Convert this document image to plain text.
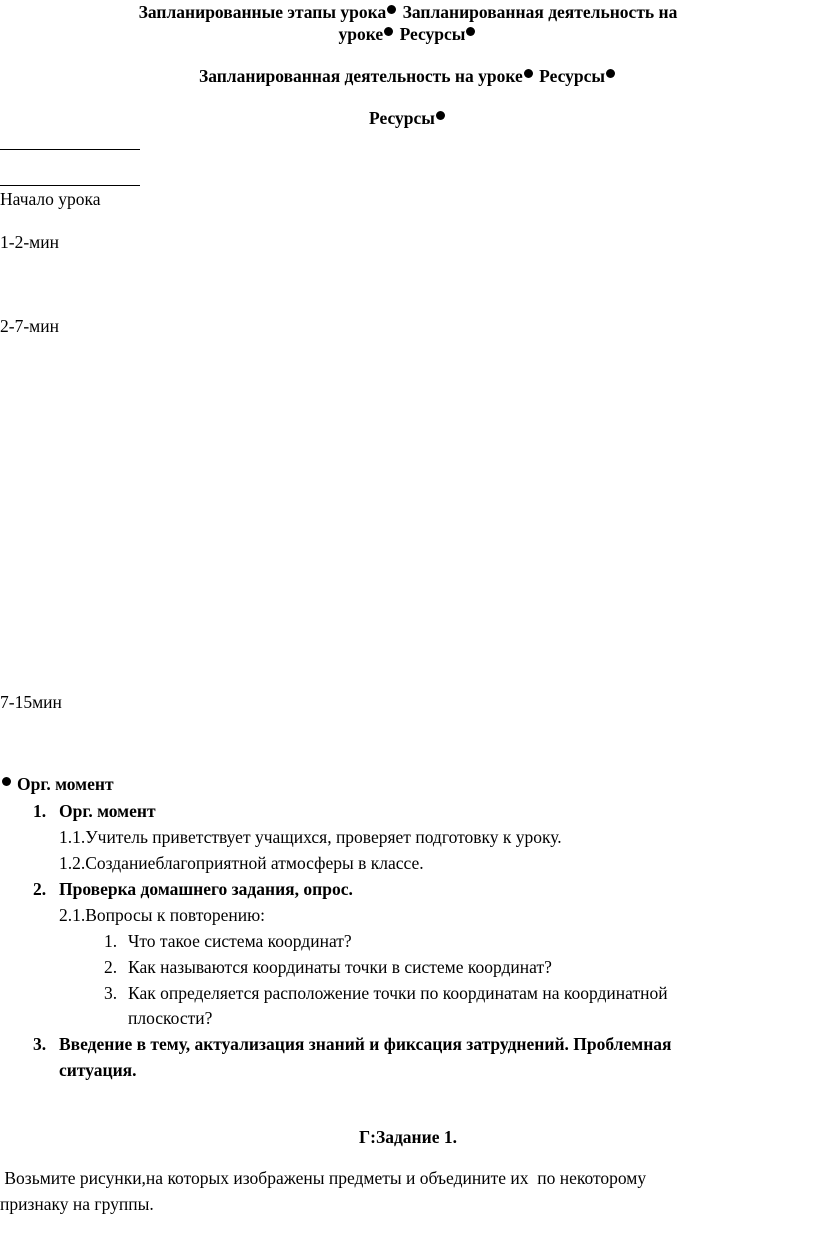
Запланированные этапы урока Запланированная деятельность на
уроке Ресурсы
Запланированная деятельность на уроке Ресурсы
Ресурсы
Начало урока
1-2-мин
2-7-мин
7-15мин
Орг. момент
1. Орг. момент
1.1.Учитель приветствует учащихся, проверяет подготовку к уроку.
1.2.Созданиеблагоприятной атмосферы в классе.
2. Проверка домашнего задания, опрос.
2.1.Вопросы к повторению:
1. Что такое система координат?
2. Как называются координаты точки в системе координат?
3. Как определяется расположение точки по координатам на координатной
плоскости?
3. Введение в тему, актуализация знаний и фиксация затруднений. Проблемная
ситуация.
Г:Задание 1.
Возьмите рисунки,на которых изображены предметы и объедините их  по некоторому
признаку на группы.
